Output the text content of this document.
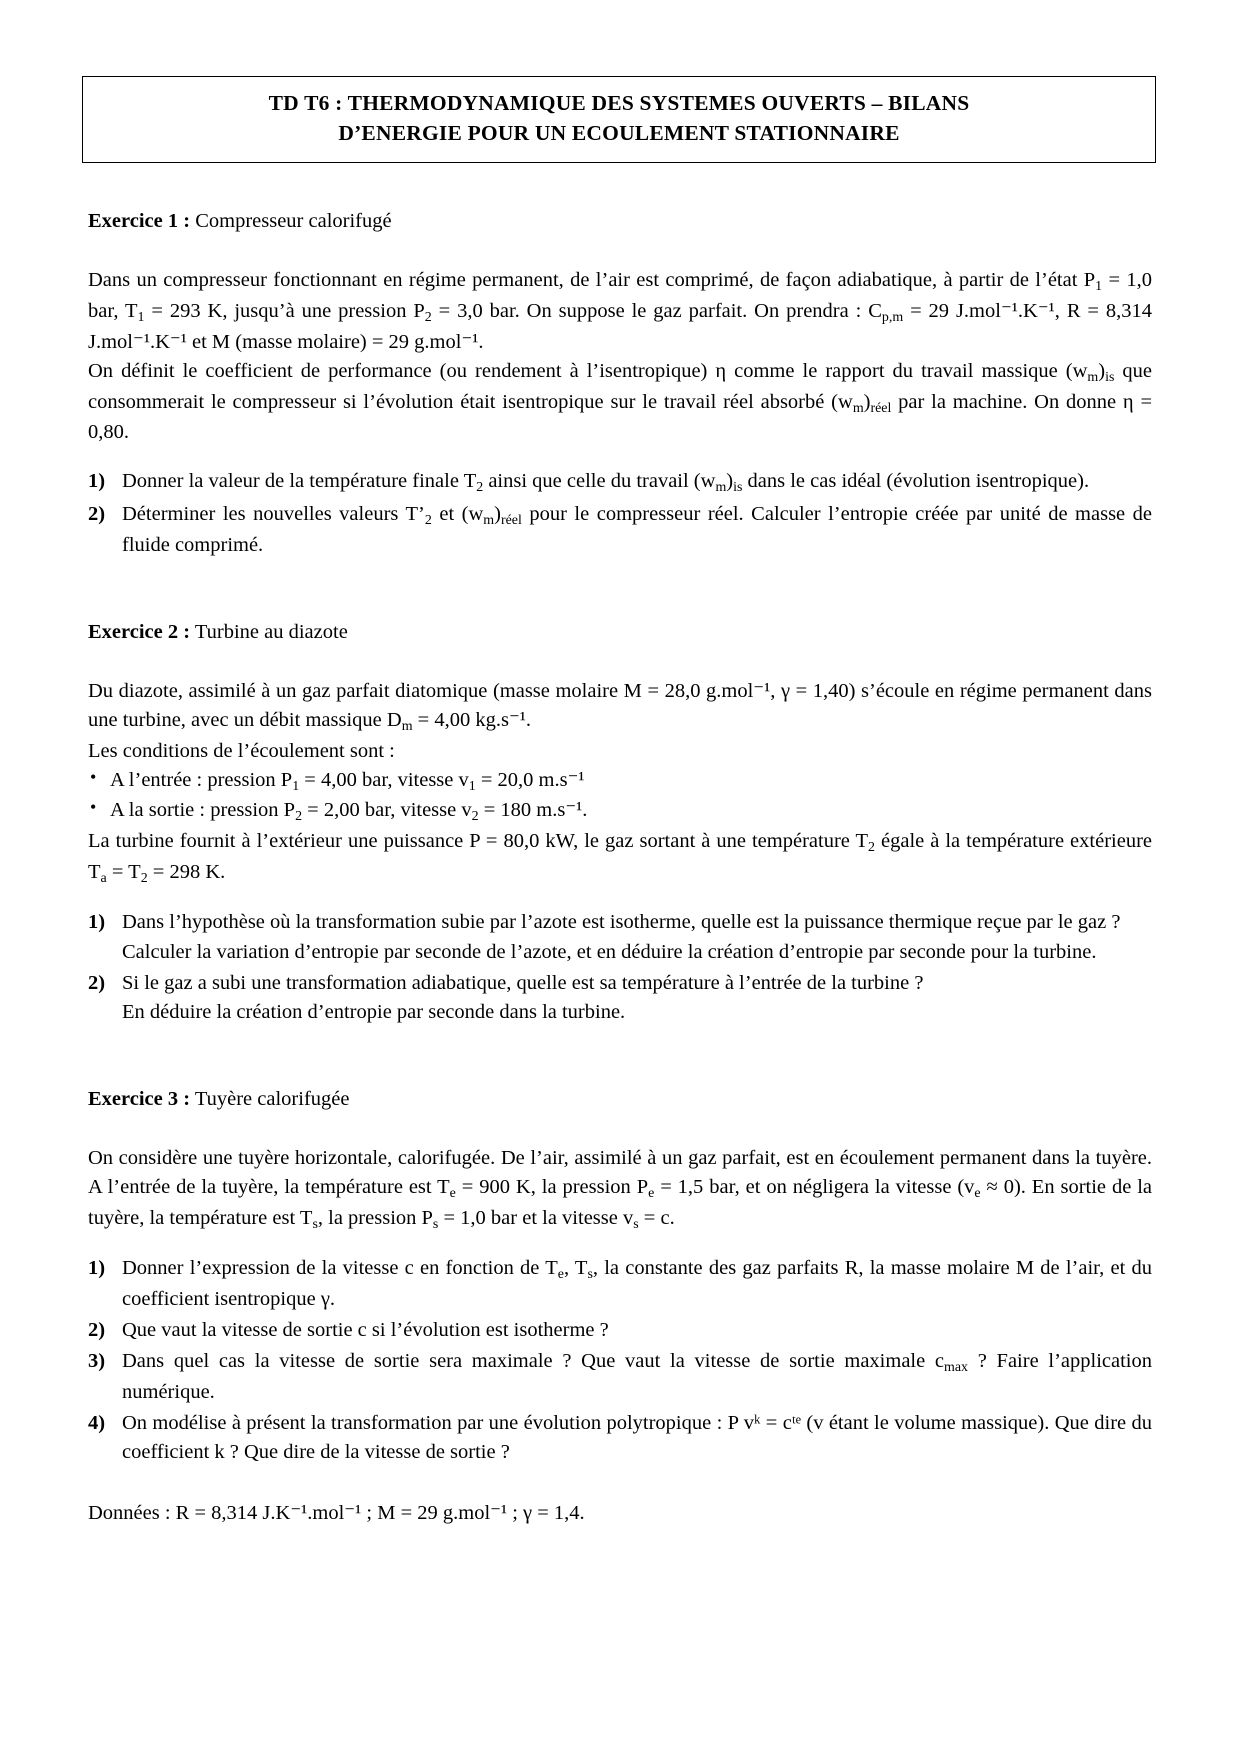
TD T6 : THERMODYNAMIQUE DES SYSTEMES OUVERTS – BILANS
D’ENERGIE POUR UN ECOULEMENT STATIONNAIRE

Exercice 1 : Compresseur calorifugé

Dans un compresseur fonctionnant en régime permanent, de l’air est comprimé, de façon adiabatique, à partir de l’état $P_1 = 1,0$ bar, $T_1 = 293$ K, jusqu’à une pression $P_2 = 3,0$ bar. On suppose le gaz parfait. On prendra : $C_{p,m} = 29$ J.mol⁻¹.K⁻¹, R = 8,314 J.mol⁻¹.K⁻¹ et M (masse molaire) = 29 g.mol⁻¹.

On définit le coefficient de performance (ou rendement à l’isentropique) η comme le rapport du travail massique $(w_m)_{is}$ que consommerait le compresseur si l’évolution était isentropique sur le travail réel absorbé $(w_m)_{réel}$ par la machine. On donne η = 0,80.

1) Donner la valeur de la température finale $T_2$ ainsi que celle du travail $(w_m)_{is}$ dans le cas idéal (évolution isentropique).
2) Déterminer les nouvelles valeurs $T’_2$ et $(w_m)_{réel}$ pour le compresseur réel. Calculer l’entropie créée par unité de masse de fluide comprimé.

Exercice 2 : Turbine au diazote

Du diazote, assimilé à un gaz parfait diatomique (masse molaire M = 28,0 g.mol⁻¹, γ = 1,40) s’écoule en régime permanent dans une turbine, avec un débit massique $D_m = 4,00$ kg.s⁻¹.

Les conditions de l’écoulement sont :

• A l’entrée : pression $P_1 = 4,00$ bar, vitesse $v_1 = 20,0$ m.s⁻¹
• A la sortie : pression $P_2 = 2,00$ bar, vitesse $v_2 = 180$ m.s⁻¹.

La turbine fournit à l’extérieur une puissance P = 80,0 kW, le gaz sortant à une température $T_2$ égale à la température extérieure $T_a = T_2 = 298$ K.

1) Dans l’hypothèse où la transformation subie par l’azote est isotherme, quelle est la puissance thermique reçue par le gaz ?
Calculer la variation d’entropie par seconde de l’azote, et en déduire la création d’entropie par seconde pour la turbine.
2) Si le gaz a subi une transformation adiabatique, quelle est sa température à l’entrée de la turbine ?
En déduire la création d’entropie par seconde dans la turbine.

Exercice 3 : Tuyère calorifugée

On considère une tuyère horizontale, calorifugée. De l’air, assimilé à un gaz parfait, est en écoulement permanent dans la tuyère. A l’entrée de la tuyère, la température est $T_e = 900$ K, la pression $P_e = 1,5$ bar, et on négligera la vitesse $(v_e \approx 0)$. En sortie de la tuyère, la température est $T_s$, la pression $P_s = 1,0$ bar et la vitesse $v_s = c$.

1) Donner l’expression de la vitesse c en fonction de $T_e$, $T_s$, la constante des gaz parfaits R, la masse molaire M de l’air, et du coefficient isentropique γ.
2) Que vaut la vitesse de sortie c si l’évolution est isotherme ?
3) Dans quel cas la vitesse de sortie sera maximale ? Que vaut la vitesse de sortie maximale $c_{max}$ ? Faire l’application numérique.
4) On modélise à présent la transformation par une évolution polytropique : P vᵏ = cᵗᵉ (v étant le volume massique). Que dire du coefficient k ? Que dire de la vitesse de sortie ?

Données : R = 8,314 J.K⁻¹.mol⁻¹ ; M = 29 g.mol⁻¹ ; γ = 1,4.
